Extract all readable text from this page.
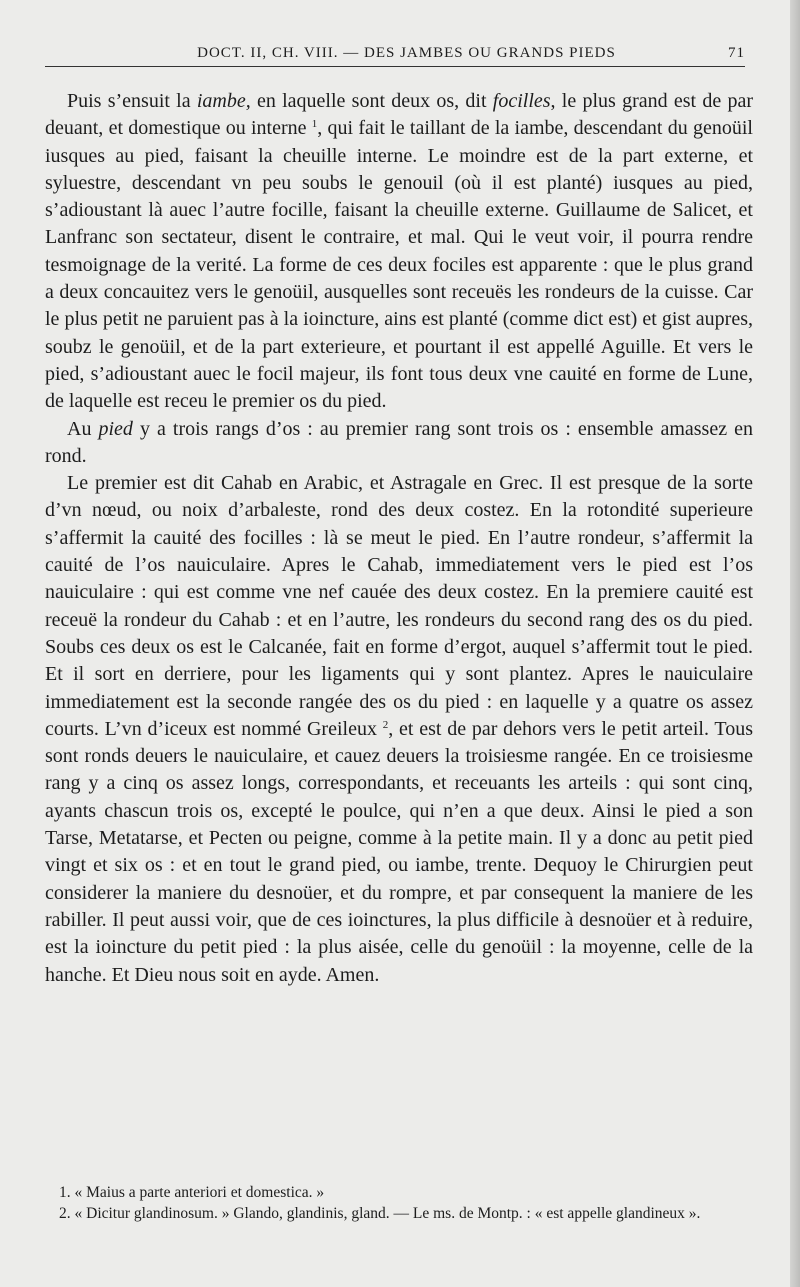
DOCT. II, CH. VIII. — DES JAMBES OU GRANDS PIEDS	71

Puis s’ensuit la iambe, en laquelle sont deux os, dit focilles, le plus grand est de par deuant, et domestique ou interne $^1$, qui fait le taillant de la iambe, descendant du genoüil iusques au pied, faisant la cheuille interne. Le moindre est de la part externe, et syluestre, descendant vn peu soubs le genouil (où il est planté) iusques au pied, s’adioustant là auec l’autre focille, faisant la cheuille externe. Guillaume de Salicet, et Lanfranc son sectateur, disent le contraire, et mal. Qui le veut voir, il pourra rendre tesmoignage de la verité. La forme de ces deux fociles est apparente : que le plus grand a deux concauitez vers le genoüil, ausquelles sont receuës les rondeurs de la cuisse. Car le plus petit ne paruient pas à la ioincture, ains est planté (comme dict est) et gist aupres, soubz le genoüil, et de la part exterieure, et pourtant il est appellé Aguille. Et vers le pied, s’adioustant auec le focil majeur, ils font tous deux vne cauité en forme de Lune, de laquelle est receu le premier os du pied.

Au pied y a trois rangs d’os : au premier rang sont trois os : ensemble amassez en rond.

Le premier est dit Cahab en Arabic, et Astragale en Grec. Il est presque de la sorte d’vn nœud, ou noix d’arbaleste, rond des deux costez. En la rotondité superieure s’affermit la cauité des focilles : là se meut le pied. En l’autre rondeur, s’affermit la cauité de l’os nauiculaire. Apres le Cahab, immediatement vers le pied est l’os nauiculaire : qui est comme vne nef cauée des deux costez. En la premiere cauité est receuë la rondeur du Cahab : et en l’autre, les rondeurs du second rang des os du pied. Soubs ces deux os est le Calcanée, fait en forme d’ergot, auquel s’affermit tout le pied. Et il sort en derriere, pour les ligaments qui y sont plantez. Apres le nauiculaire immediatement est la seconde rangée des os du pied : en laquelle y a quatre os assez courts. L’vn d’iceux est nommé Greileux $^2$, et est de par dehors vers le petit arteil. Tous sont ronds deuers le nauiculaire, et cauez deuers la troisiesme rangée. En ce troisiesme rang y a cinq os assez longs, correspondants, et receuants les arteils : qui sont cinq, ayants chascun trois os, excepté le poulce, qui n’en a que deux. Ainsi le pied a son Tarse, Metatarse, et Pecten ou peigne, comme à la petite main. Il y a donc au petit pied vingt et six os : et en tout le grand pied, ou iambe, trente. Dequoy le Chirurgien peut considerer la maniere du desnoüer, et du rompre, et par consequent la maniere de les rabiller. Il peut aussi voir, que de ces ioinctures, la plus difficile à desnoüer et à reduire, est la ioincture du petit pied : la plus aisée, celle du genoüil : la moyenne, celle de la hanche. Et Dieu nous soit en ayde. Amen.

1. « Maius a parte anteriori et domestica. »
2. « Dicitur glandinosum. » Glando, glandinis, gland. — Le ms. de Montp. : « est appelle glandineux ».
